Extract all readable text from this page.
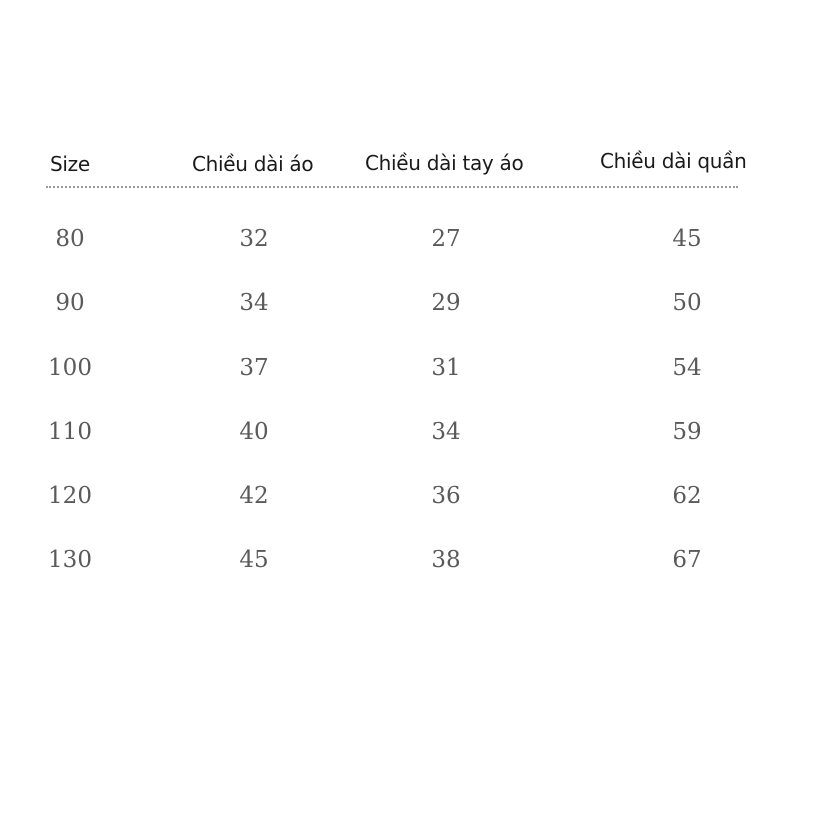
Size	Chiều dài áo	Chiều dài tay áo	Chiều dài quần
80	32	27	45
90	34	29	50
100	37	31	54
110	40	34	59
120	42	36	62
130	45	38	67
